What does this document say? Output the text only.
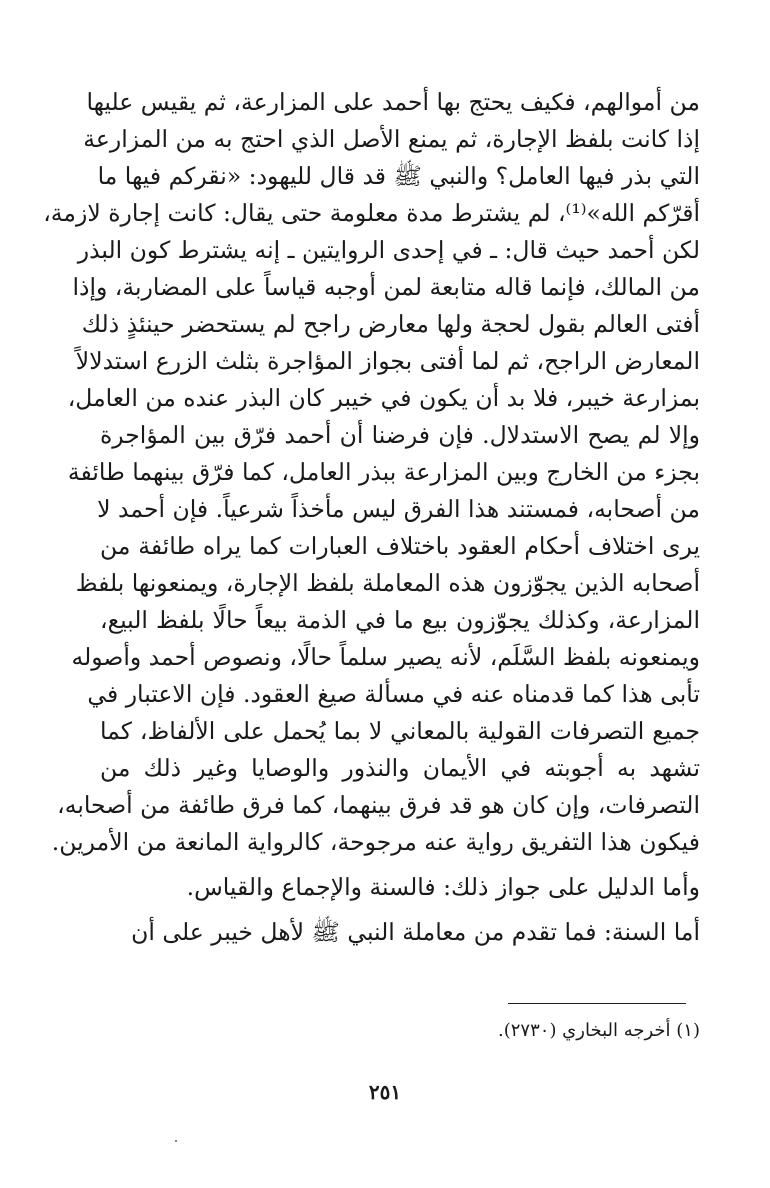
من أموالهم، فكيف يحتج بها أحمد على المزارعة، ثم يقيس عليها
إذا كانت بلفظ الإجارة، ثم يمنع الأصل الذي احتج به من المزارعة
التي بذر فيها العامل؟ والنبي ﷺ قد قال لليهود: «نقركم فيها ما
أقرّكم الله»⁽¹⁾، لم يشترط مدة معلومة حتى يقال: كانت إجارة لازمة،
لكن أحمد حيث قال: ـ في إحدى الروايتين ـ إنه يشترط كون البذر
من المالك، فإنما قاله متابعة لمن أوجبه قياساً على المضاربة، وإذا
أفتى العالم بقول لحجة ولها معارض راجح لم يستحضر حينئذٍ ذلك
المعارض الراجح، ثم لما أفتى بجواز المؤاجرة بثلث الزرع استدلالاً
بمزارعة خيبر، فلا بد أن يكون في خيبر كان البذر عنده من العامل،
وإلا لم يصح الاستدلال. فإن فرضنا أن أحمد فرّق بين المؤاجرة
بجزء من الخارج وبين المزارعة ببذر العامل، كما فرّق بينهما طائفة
من أصحابه، فمستند هذا الفرق ليس مأخذاً شرعياً. فإن أحمد لا
يرى اختلاف أحكام العقود باختلاف العبارات كما يراه طائفة من
أصحابه الذين يجوّزون هذه المعاملة بلفظ الإجارة، ويمنعونها بلفظ
المزارعة، وكذلك يجوّزون بيع ما في الذمة بيعاً حالًا بلفظ البيع،
ويمنعونه بلفظ السَّلَم، لأنه يصير سلماً حالًا، ونصوص أحمد وأصوله
تأبى هذا كما قدمناه عنه في مسألة صيغ العقود. فإن الاعتبار في
جميع التصرفات القولية بالمعاني لا بما يُحمل على الألفاظ، كما
تشهد به أجوبته في الأيمان والنذور والوصايا وغير ذلك من
التصرفات، وإن كان هو قد فرق بينهما، كما فرق طائفة من أصحابه،
فيكون هذا التفريق رواية عنه مرجوحة، كالرواية المانعة من الأمرين.
وأما الدليل على جواز ذلك: فالسنة والإجماع والقياس.
أما السنة: فما تقدم من معاملة النبي ﷺ لأهل خيبر على أن
(١) أخرجه البخاري (٢٧٣٠).
٢٥١
